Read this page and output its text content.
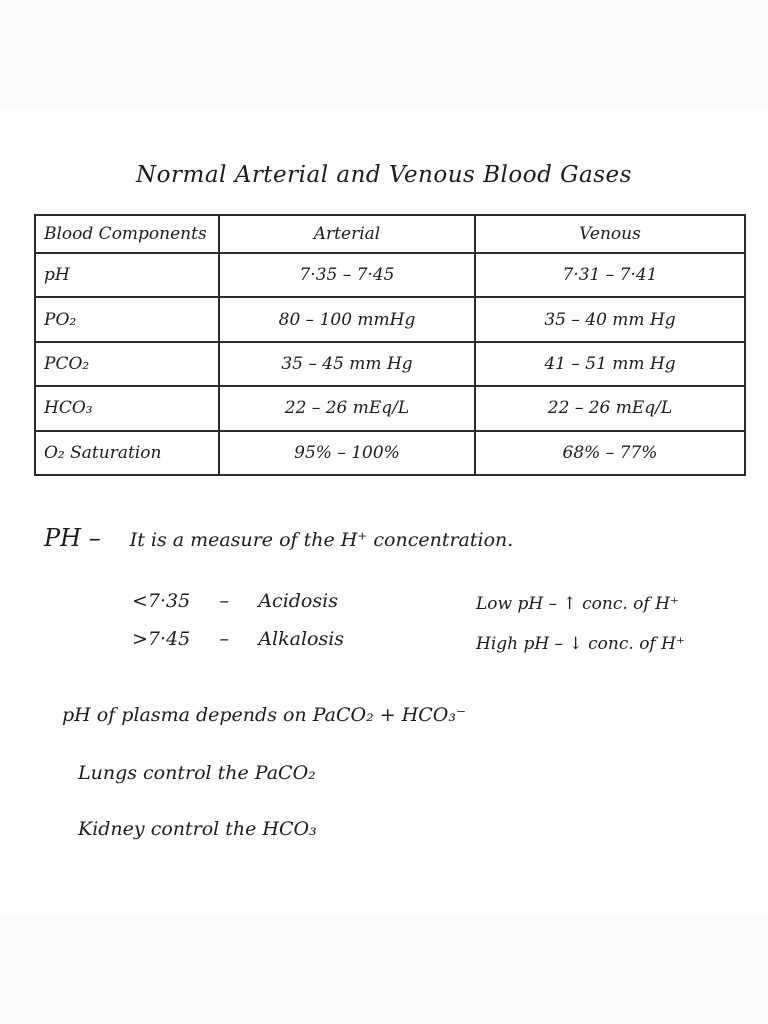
Normal Arterial and Venous Blood Gases
Blood Components	Arterial	Venous
pH	7·35 – 7·45	7·31 – 7·41
PO₂	80 – 100 mmHg	35 – 40 mm Hg
PCO₂	35 – 45 mm Hg	41 – 51 mm Hg
HCO₃	22 – 26 mEq/L	22 – 26 mEq/L
O₂ Saturation	95% – 100%	68% – 77%
PH – It is a measure of the H⁺ concentration.
<7·35 – Acidosis
>7·45 – Alkalosis
Low pH – ↑ conc. of H⁺
High pH – ↓ conc. of H⁺
pH of plasma depends on PaCO₂ + HCO₃⁻
Lungs control the PaCO₂
Kidney control the HCO₃
